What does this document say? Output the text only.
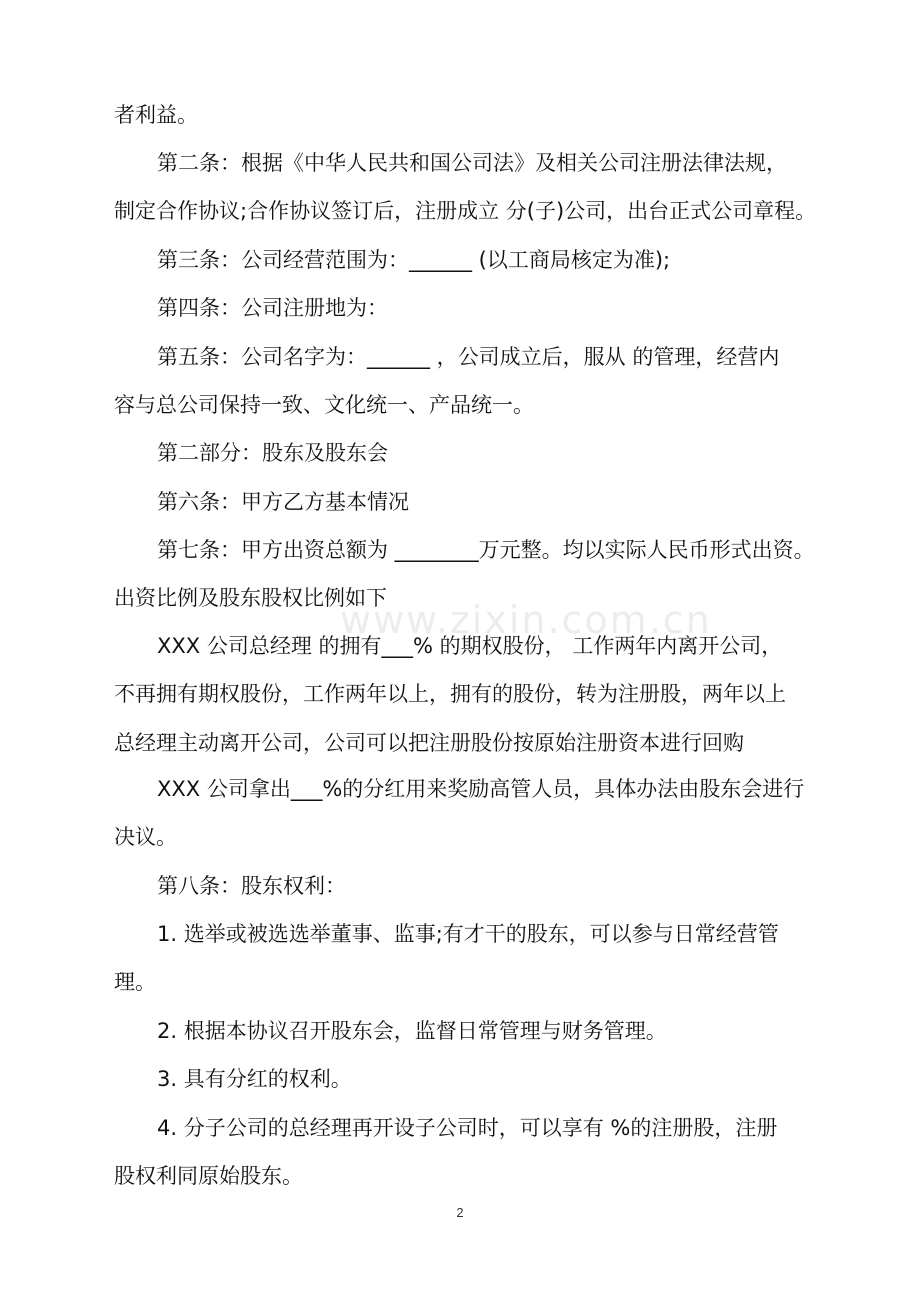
www.zixin.com.cn

者利益。

第二条：根据《中华人民共和国公司法》及相关公司注册法律法规，
制定合作协议;合作协议签订后，注册成立 分(子)公司，出台正式公司章程。

第三条：公司经营范围为：______ (以工商局核定为准);

第四条：公司注册地为：

第五条：公司名字为：______ ，公司成立后，服从 的管理，经营内
容与总公司保持一致、文化统一、产品统一。

第二部分：股东及股东会

第六条：甲方乙方基本情况

第七条：甲方出资总额为 ________万元整。均以实际人民币形式出资。
出资比例及股东股权比例如下

XXX 公司总经理 的拥有___% 的期权股份， 工作两年内离开公司，
不再拥有期权股份，工作两年以上，拥有的股份，转为注册股，两年以上
总经理主动离开公司，公司可以把注册股份按原始注册资本进行回购

XXX 公司拿出___%的分红用来奖励高管人员，具体办法由股东会进行
决议。

第八条：股东权利：

1. 选举或被选选举董事、监事;有才干的股东，可以参与日常经营管
理。

2. 根据本协议召开股东会，监督日常管理与财务管理。

3. 具有分红的权利。

4. 分子公司的总经理再开设子公司时，可以享有 %的注册股，注册
股权利同原始股东。

2
